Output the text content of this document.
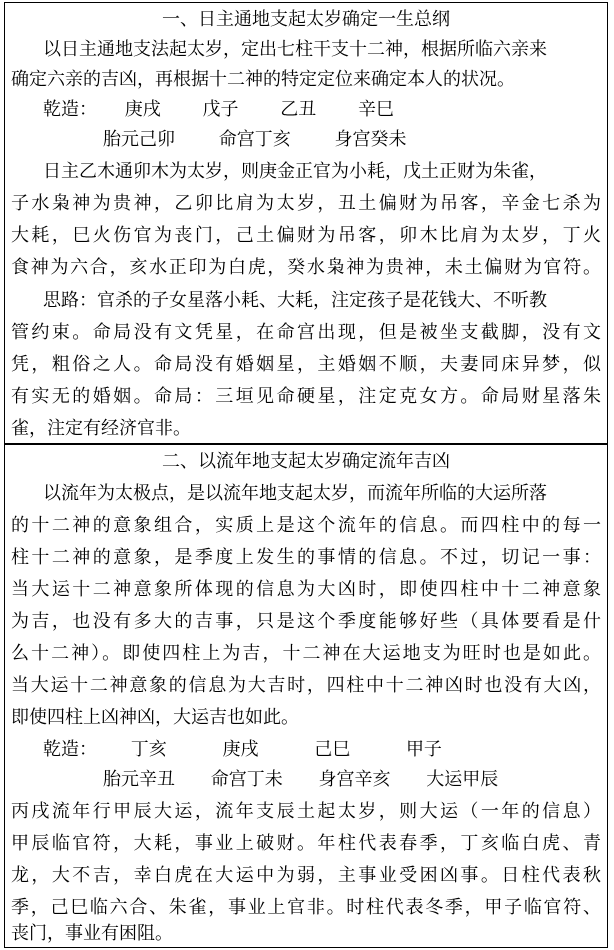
一、日主通地支起太岁确定一生总纲
以日主通地支法起太岁，定出七柱干支十二神，根据所临六亲来
确定六亲的吉凶，再根据十二神的特定定位来确定本人的状况。
乾造： 庚戌 戊子 乙丑 辛巳
胎元己卯 命宫丁亥 身宫癸未
日主乙木通卯木为太岁，则庚金正官为小耗，戊土正财为朱雀，
子水枭神为贵神，乙卯比肩为太岁，丑土偏财为吊客，辛金七杀为
大耗，巳火伤官为丧门，己土偏财为吊客，卯木比肩为太岁，丁火
食神为六合，亥水正印为白虎，癸水枭神为贵神，未土偏财为官符。
思路：官杀的子女星落小耗、大耗，注定孩子是花钱大、不听教
管约束。命局没有文凭星，在命宫出现，但是被坐支截脚，没有文
凭，粗俗之人。命局没有婚姻星，主婚姻不顺，夫妻同床异梦，似
有实无的婚姻。命局：三垣见命硬星，注定克女方。命局财星落朱
雀，注定有经济官非。
二、以流年地支起太岁确定流年吉凶
以流年为太极点，是以流年地支起太岁，而流年所临的大运所落
的十二神的意象组合，实质上是这个流年的信息。而四柱中的每一
柱十二神的意象，是季度上发生的事情的信息。不过，切记一事：
当大运十二神意象所体现的信息为大凶时，即使四柱中十二神意象
为吉，也没有多大的吉事，只是这个季度能够好些（具体要看是什
么十二神）。即使四柱上为吉，十二神在大运地支为旺时也是如此。
当大运十二神意象的信息为大吉时，四柱中十二神凶时也没有大凶，
即使四柱上凶神凶，大运吉也如此。
乾造： 丁亥	庚戌	己巳	甲子
胎元辛丑 命宫丁未 身宫辛亥 大运甲辰
丙戌流年行甲辰大运，流年支辰土起太岁，则大运（一年的信息）
甲辰临官符，大耗，事业上破财。年柱代表春季，丁亥临白虎、青
龙，大不吉，幸白虎在大运中为弱，主事业受困凶事。日柱代表秋
季，己巳临六合、朱雀，事业上官非。时柱代表冬季，甲子临官符、
丧门，事业有困阻。
